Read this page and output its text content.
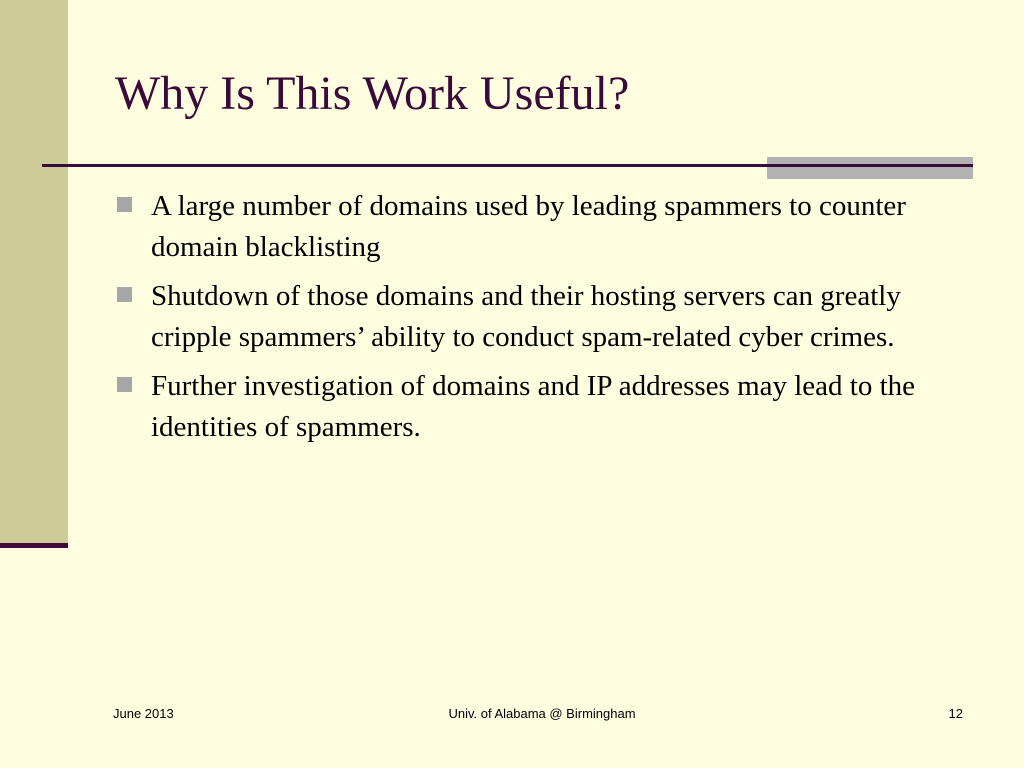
Why Is This Work Useful?
A large number of domains used by leading spammers to counter domain blacklisting
Shutdown of those domains and their hosting servers can greatly cripple spammers’ ability to conduct spam-related cyber crimes.
Further investigation of domains and IP addresses may lead to the identities of spammers.
June 2013	Univ. of Alabama @ Birmingham	12
